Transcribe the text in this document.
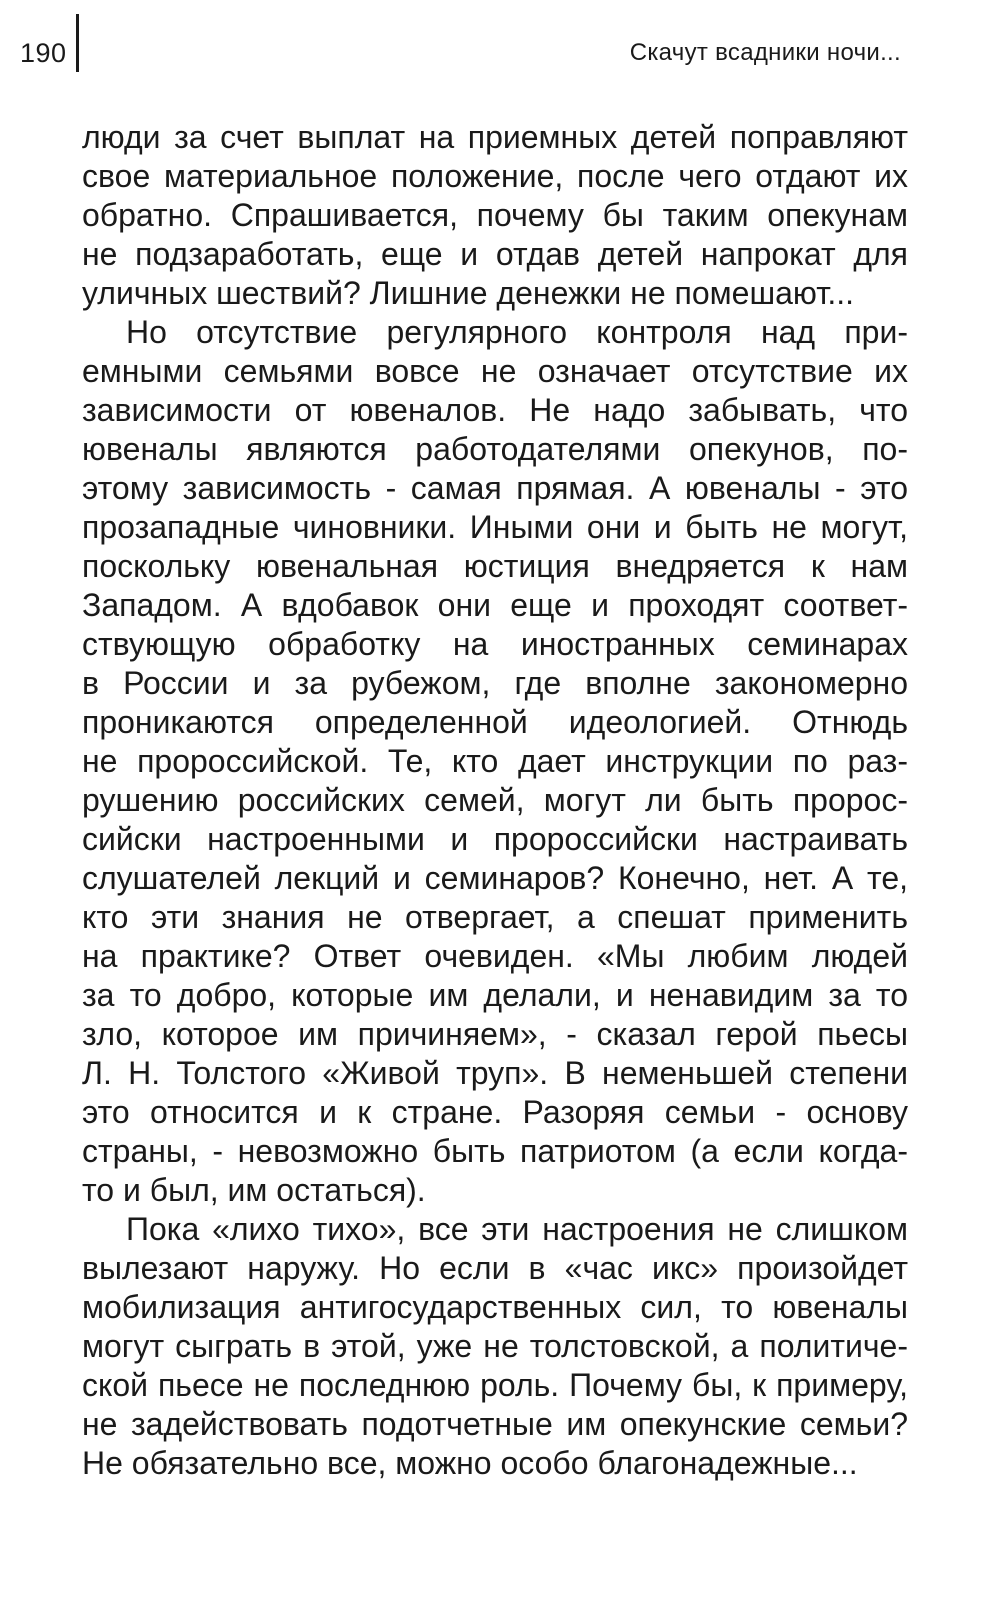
190	Скачут всадники ночи...
люди за счет выплат на приемных детей поправляют
свое материальное положение, после чего отдают их
обратно. Спрашивается, почему бы таким опекунам
не подзаработать, еще и отдав детей напрокат для
уличных шествий? Лишние денежки не помешают...
Но отсутствие регулярного контроля над при-
емными семьями вовсе не означает отсутствие их
зависимости от ювеналов. Не надо забывать, что
ювеналы являются работодателями опекунов, по-
этому зависимость - самая прямая. А ювеналы - это
прозападные чиновники. Иными они и быть не могут,
поскольку ювенальная юстиция внедряется к нам
Западом. А вдобавок они еще и проходят соответ-
ствующую обработку на иностранных семинарах
в России и за рубежом, где вполне закономерно
проникаются определенной идеологией. Отнюдь
не пророссийской. Те, кто дает инструкции по раз-
рушению российских семей, могут ли быть пророс-
сийски настроенными и пророссийски настраивать
слушателей лекций и семинаров? Конечно, нет. А те,
кто эти знания не отвергает, а спешат применить
на практике? Ответ очевиден. «Мы любим людей
за то добро, которые им делали, и ненавидим за то
зло, которое им причиняем», - сказал герой пьесы
Л. Н. Толстого «Живой труп». В неменьшей степени
это относится и к стране. Разоряя семьи - основу
страны, - невозможно быть патриотом (а если когда-
то и был, им остаться).
Пока «лихо тихо», все эти настроения не слишком
вылезают наружу. Но если в «час икс» произойдет
мобилизация антигосударственных сил, то ювеналы
могут сыграть в этой, уже не толстовской, а политиче-
ской пьесе не последнюю роль. Почему бы, к примеру,
не задействовать подотчетные им опекунские семьи?
Не обязательно все, можно особо благонадежные...
